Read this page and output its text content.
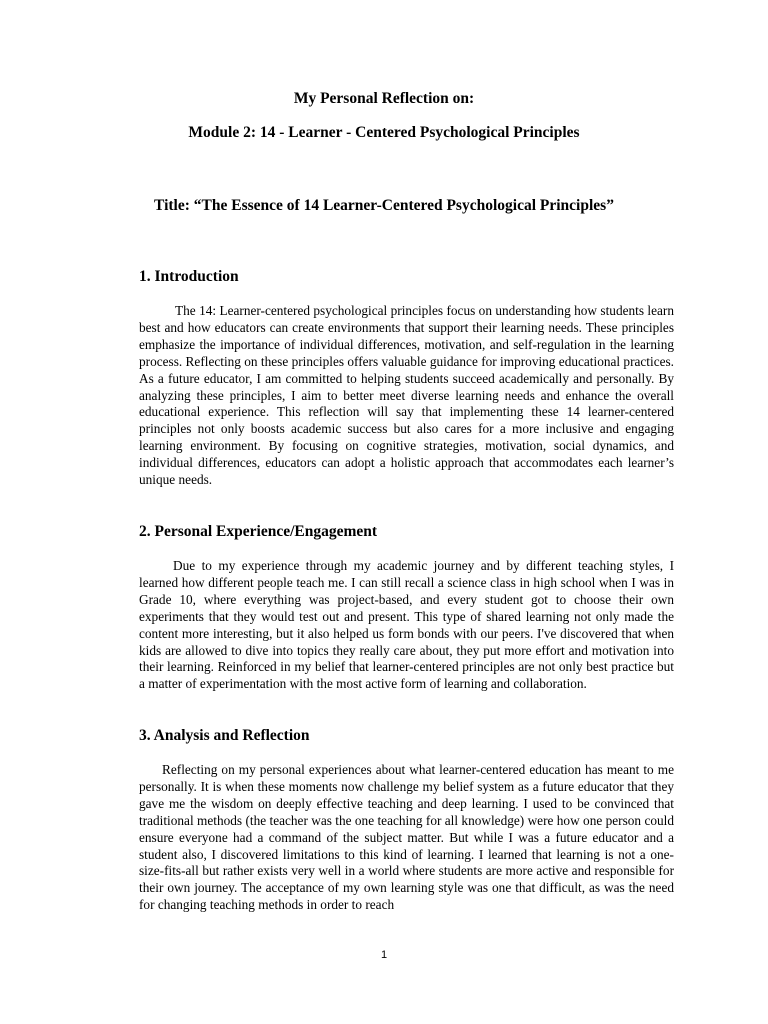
My Personal Reflection on:
Module 2: 14 - Learner - Centered Psychological Principles
Title: “The Essence of 14 Learner-Centered Psychological Principles”
1. Introduction

The 14: Learner-centered psychological principles focus on understanding how students learn best and how educators can create environments that support their learning needs. These principles emphasize the importance of individual differences, motivation, and self-regulation in the learning process. Reflecting on these principles offers valuable guidance for improving educational practices. As a future educator, I am committed to helping students succeed academically and personally. By analyzing these principles, I aim to better meet diverse learning needs and enhance the overall educational experience. This reflection will say that implementing these 14 learner-centered principles not only boosts academic success but also cares for a more inclusive and engaging learning environment. By focusing on cognitive strategies, motivation, social dynamics, and individual differences, educators can adopt a holistic approach that accommodates each learner’s unique needs.

2. Personal Experience/Engagement

Due to my experience through my academic journey and by different teaching styles, I learned how different people teach me. I can still recall a science class in high school when I was in Grade 10, where everything was project-based, and every student got to choose their own experiments that they would test out and present. This type of shared learning not only made the content more interesting, but it also helped us form bonds with our peers. I've discovered that when kids are allowed to dive into topics they really care about, they put more effort and motivation into their learning. Reinforced in my belief that learner-centered principles are not only best practice but a matter of experimentation with the most active form of learning and collaboration.

3. Analysis and Reflection

Reflecting on my personal experiences about what learner-centered education has meant to me personally. It is when these moments now challenge my belief system as a future educator that they gave me the wisdom on deeply effective teaching and deep learning. I used to be convinced that traditional methods (the teacher was the one teaching for all knowledge) were how one person could ensure everyone had a command of the subject matter. But while I was a future educator and a student also, I discovered limitations to this kind of learning. I learned that learning is not a one-size-fits-all but rather exists very well in a world where students are more active and responsible for their own journey. The acceptance of my own learning style was one that difficult, as was the need for changing teaching methods in order to reach

1
